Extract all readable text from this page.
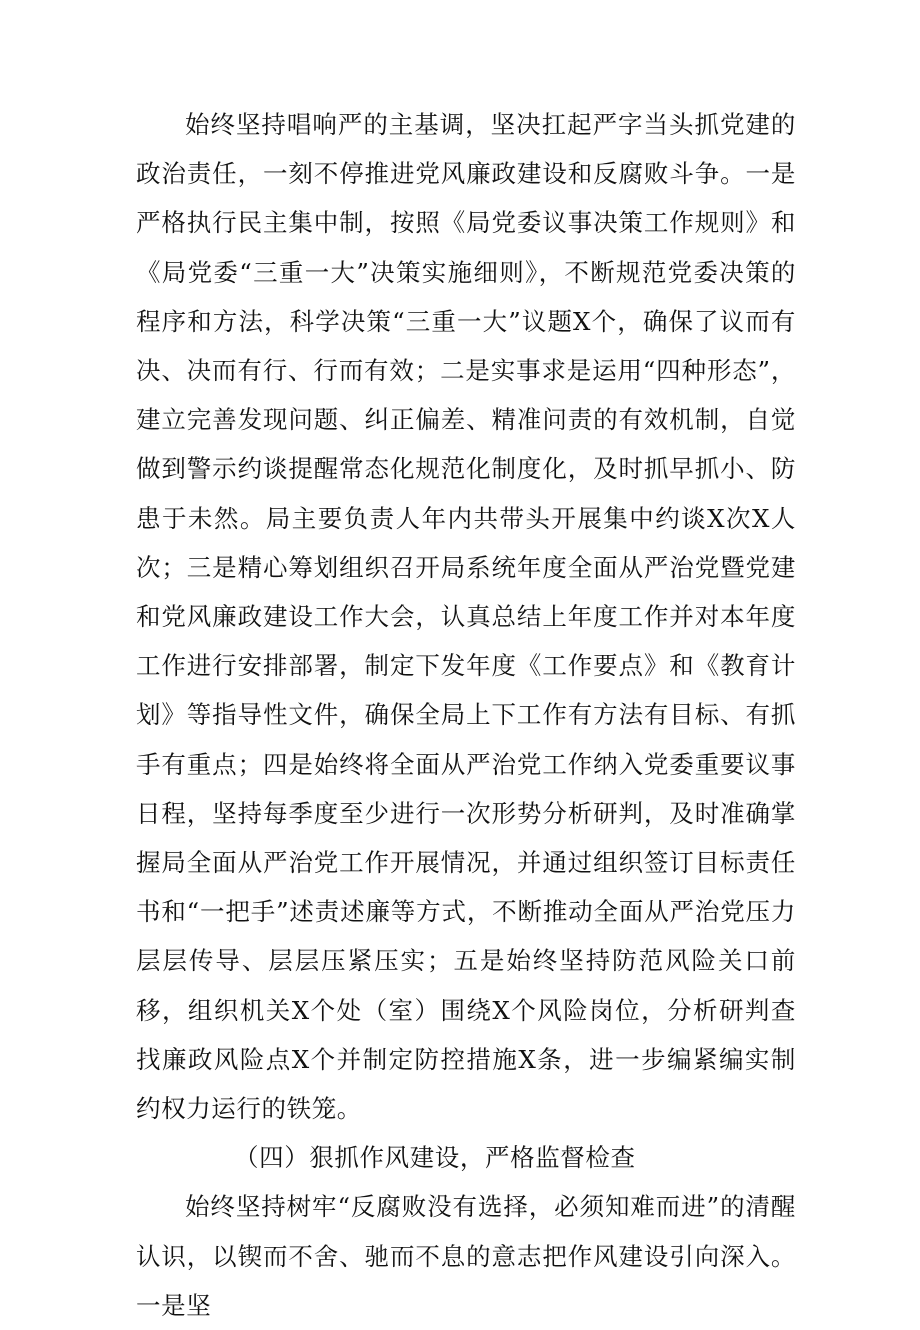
始终坚持唱响严的主基调，坚决扛起严字当头抓党建的政治责任，一刻不停推进党风廉政建设和反腐败斗争。一是严格执行民主集中制，按照《局党委议事决策工作规则》和《局党委“三重一大”决策实施细则》，不断规范党委决策的程序和方法，科学决策“三重一大”议题X个，确保了议而有决、决而有行、行而有效；二是实事求是运用“四种形态”，建立完善发现问题、纠正偏差、精准问责的有效机制，自觉做到警示约谈提醒常态化规范化制度化，及时抓早抓小、防患于未然。局主要负责人年内共带头开展集中约谈X次X人次；三是精心筹划组织召开局系统年度全面从严治党暨党建和党风廉政建设工作大会，认真总结上年度工作并对本年度工作进行安排部署，制定下发年度《工作要点》和《教育计划》等指导性文件，确保全局上下工作有方法有目标、有抓手有重点；四是始终将全面从严治党工作纳入党委重要议事日程，坚持每季度至少进行一次形势分析研判，及时准确掌握局全面从严治党工作开展情况，并通过组织签订目标责任书和“一把手”述责述廉等方式，不断推动全面从严治党压力层层传导、层层压紧压实；五是始终坚持防范风险关口前移，组织机关X个处（室）围绕X个风险岗位，分析研判查找廉政风险点X个并制定防控措施X条，进一步编紧编实制约权力运行的铁笼。

（四）狠抓作风建设，严格监督检查

始终坚持树牢“反腐败没有选择，必须知难而进”的清醒认识，以锲而不舍、驰而不息的意志把作风建设引向深入。一是坚
